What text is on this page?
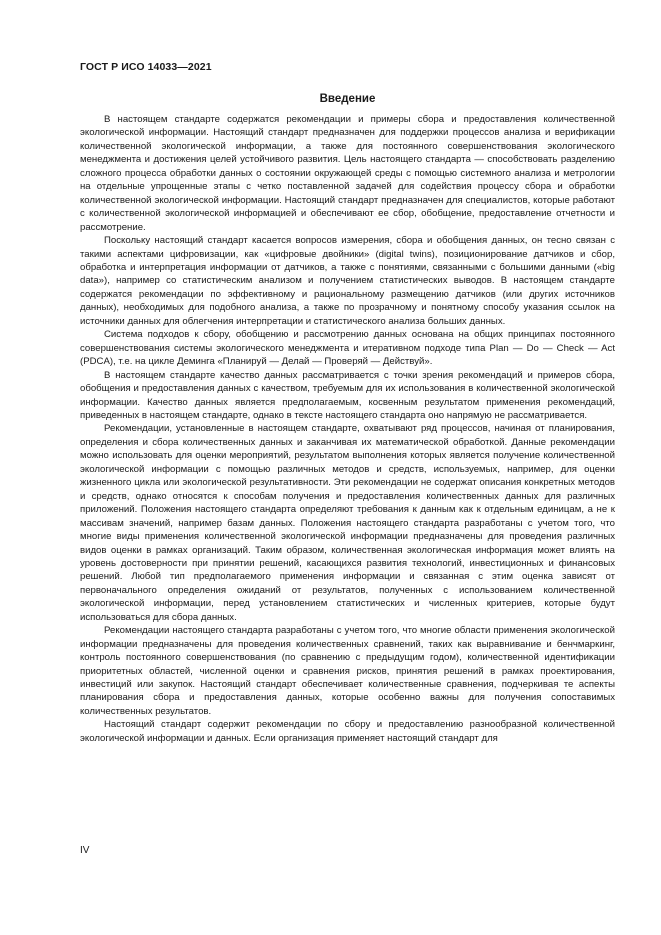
ГОСТ Р ИСО 14033—2021
Введение

В настоящем стандарте содержатся рекомендации и примеры сбора и предоставления количественной экологической информации. Настоящий стандарт предназначен для поддержки процессов анализа и верификации количественной экологической информации, а также для постоянного совершенствования экологического менеджмента и достижения целей устойчивого развития. Цель настоящего стандарта — способствовать разделению сложного процесса обработки данных о состоянии окружающей среды с помощью системного анализа и метрологии на отдельные упрощенные этапы с четко поставленной задачей для содействия процессу сбора и обработки количественной экологической информации. Настоящий стандарт предназначен для специалистов, которые работают с количественной экологической информацией и обеспечивают ее сбор, обобщение, предоставление отчетности и рассмотрение.

Поскольку настоящий стандарт касается вопросов измерения, сбора и обобщения данных, он тесно связан с такими аспектами цифровизации, как «цифровые двойники» (digital twins), позиционирование датчиков и сбор, обработка и интерпретация информации от датчиков, а также с понятиями, связанными с большими данными («big data»), например со статистическим анализом и получением статистических выводов. В настоящем стандарте содержатся рекомендации по эффективному и рациональному размещению датчиков (или других источников данных), необходимых для подобного анализа, а также по прозрачному и понятному способу указания ссылок на источники данных для облегчения интерпретации и статистического анализа больших данных.

Система подходов к сбору, обобщению и рассмотрению данных основана на общих принципах постоянного совершенствования системы экологического менеджмента и итеративном подходе типа Plan — Do — Check — Act (PDCA), т.е. на цикле Деминга «Планируй — Делай — Проверяй — Действуй».

В настоящем стандарте качество данных рассматривается с точки зрения рекомендаций и примеров сбора, обобщения и предоставления данных с качеством, требуемым для их использования в количественной экологической информации. Качество данных является предполагаемым, косвенным результатом применения рекомендаций, приведенных в настоящем стандарте, однако в тексте настоящего стандарта оно напрямую не рассматривается.

Рекомендации, установленные в настоящем стандарте, охватывают ряд процессов, начиная от планирования, определения и сбора количественных данных и заканчивая их математической обработкой. Данные рекомендации можно использовать для оценки мероприятий, результатом выполнения которых является получение количественной экологической информации с помощью различных методов и средств, используемых, например, для оценки жизненного цикла или экологической результативности. Эти рекомендации не содержат описания конкретных методов и средств, однако относятся к способам получения и предоставления количественных данных для различных приложений. Положения настоящего стандарта определяют требования к данным как к отдельным единицам, а не к массивам значений, например базам данных. Положения настоящего стандарта разработаны с учетом того, что многие виды применения количественной экологической информации предназначены для проведения различных видов оценки в рамках организаций. Таким образом, количественная экологическая информация может влиять на уровень достоверности при принятии решений, касающихся развития технологий, инвестиционных и финансовых решений. Любой тип предполагаемого применения информации и связанная с этим оценка зависят от первоначального определения ожиданий от результатов, полученных с использованием количественной экологической информации, перед установлением статистических и численных критериев, которые будут использоваться для сбора данных.

Рекомендации настоящего стандарта разработаны с учетом того, что многие области применения экологической информации предназначены для проведения количественных сравнений, таких как выравнивание и бенчмаркинг, контроль постоянного совершенствования (по сравнению с предыдущим годом), количественной идентификации приоритетных областей, численной оценки и сравнения рисков, принятия решений в рамках проектирования, инвестиций или закупок. Настоящий стандарт обеспечивает количественные сравнения, подчеркивая те аспекты планирования сбора и предоставления данных, которые особенно важны для получения сопоставимых количественных результатов.

Настоящий стандарт содержит рекомендации по сбору и предоставлению разнообразной количественной экологической информации и данных. Если организация применяет настоящий стандарт для

IV
